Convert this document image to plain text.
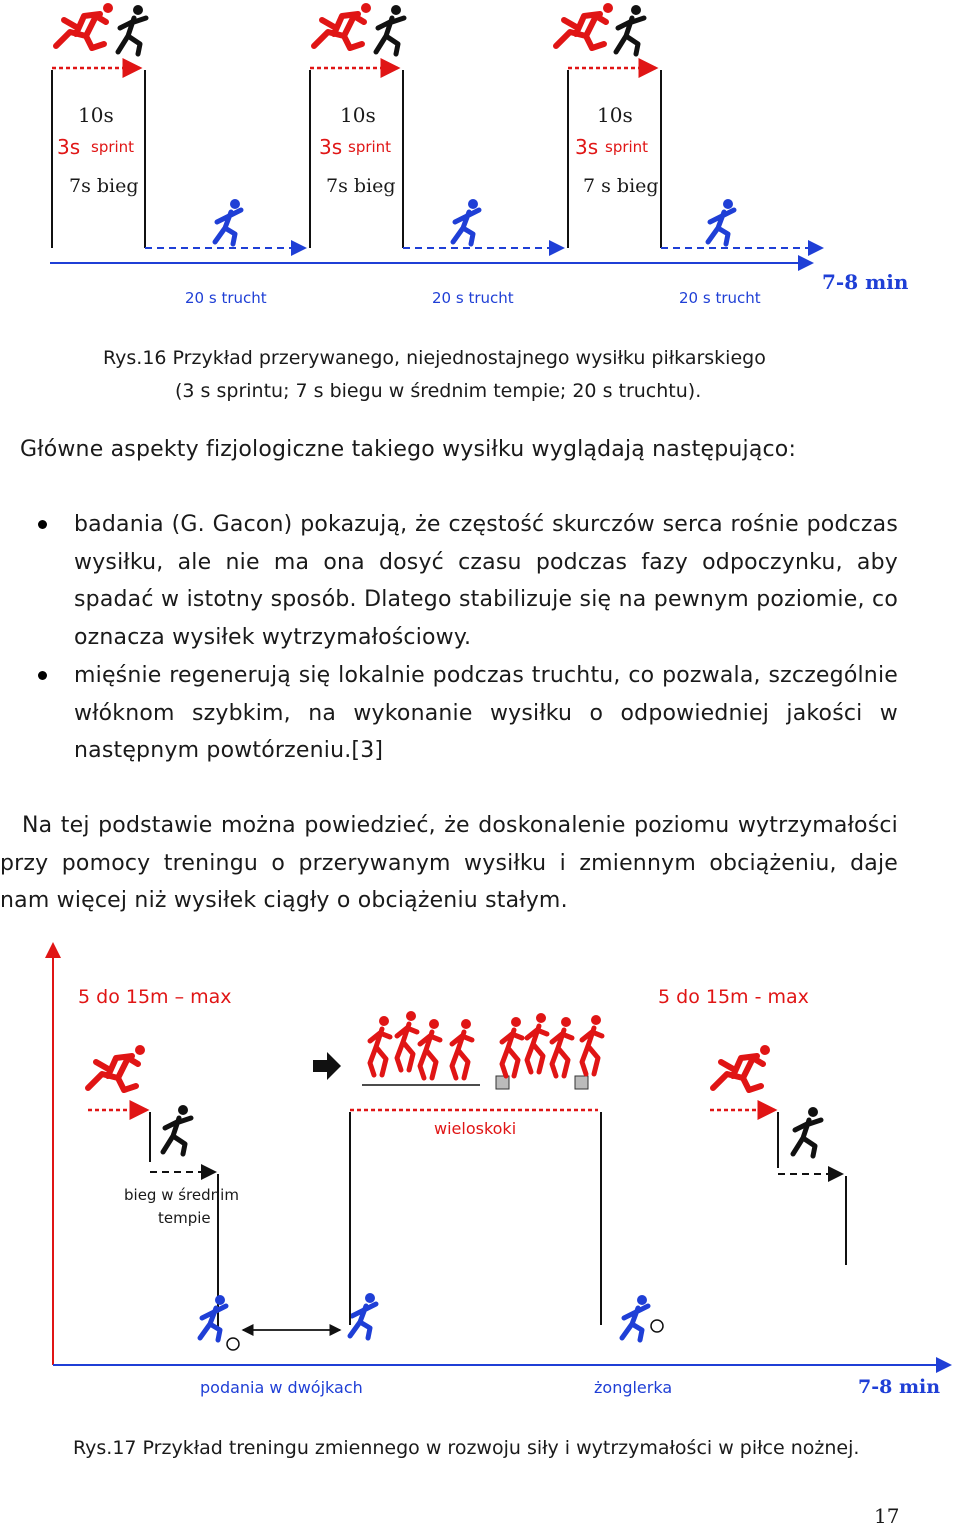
10s
3s sprint
7s bieg
10s
3s sprint
7s bieg
10s
3s sprint
7 s bieg
20 s trucht	20 s trucht	20 s trucht
7-8 min
Rys.16 Przykład przerywanego, niejednostajnego wysiłku piłkarskiego
(3 s sprintu; 7 s biegu w średnim tempie; 20 s truchtu).
Główne aspekty fizjologiczne takiego wysiłku wyglądają następująco:
badania (G. Gacon) pokazują, że częstość skurczów serca rośnie podczas wysiłku, ale nie ma ona dosyć czasu podczas fazy odpoczynku, aby spadać w istotny sposób. Dlatego stabilizuje się na pewnym poziomie, co oznacza wysiłek wytrzymałościowy.
mięśnie regenerują się lokalnie podczas truchtu, co pozwala, szczególnie włóknom szybkim, na wykonanie wysiłku o odpowiedniej jakości w następnym powtórzeniu.[3]
Na tej podstawie można powiedzieć, że doskonalenie poziomu wytrzymałości przy pomocy treningu o przerywanym wysiłku i zmiennym obciążeniu, daje nam więcej niż wysiłek ciągły o obciążeniu stałym.
5 do 15m – max	5 do 15m - max
wieloskoki
bieg w średnim
tempie
podania w dwójkach	żonglerka	7-8 min
Rys.17 Przykład treningu zmiennego w rozwoju siły i wytrzymałości w piłce nożnej.
17
